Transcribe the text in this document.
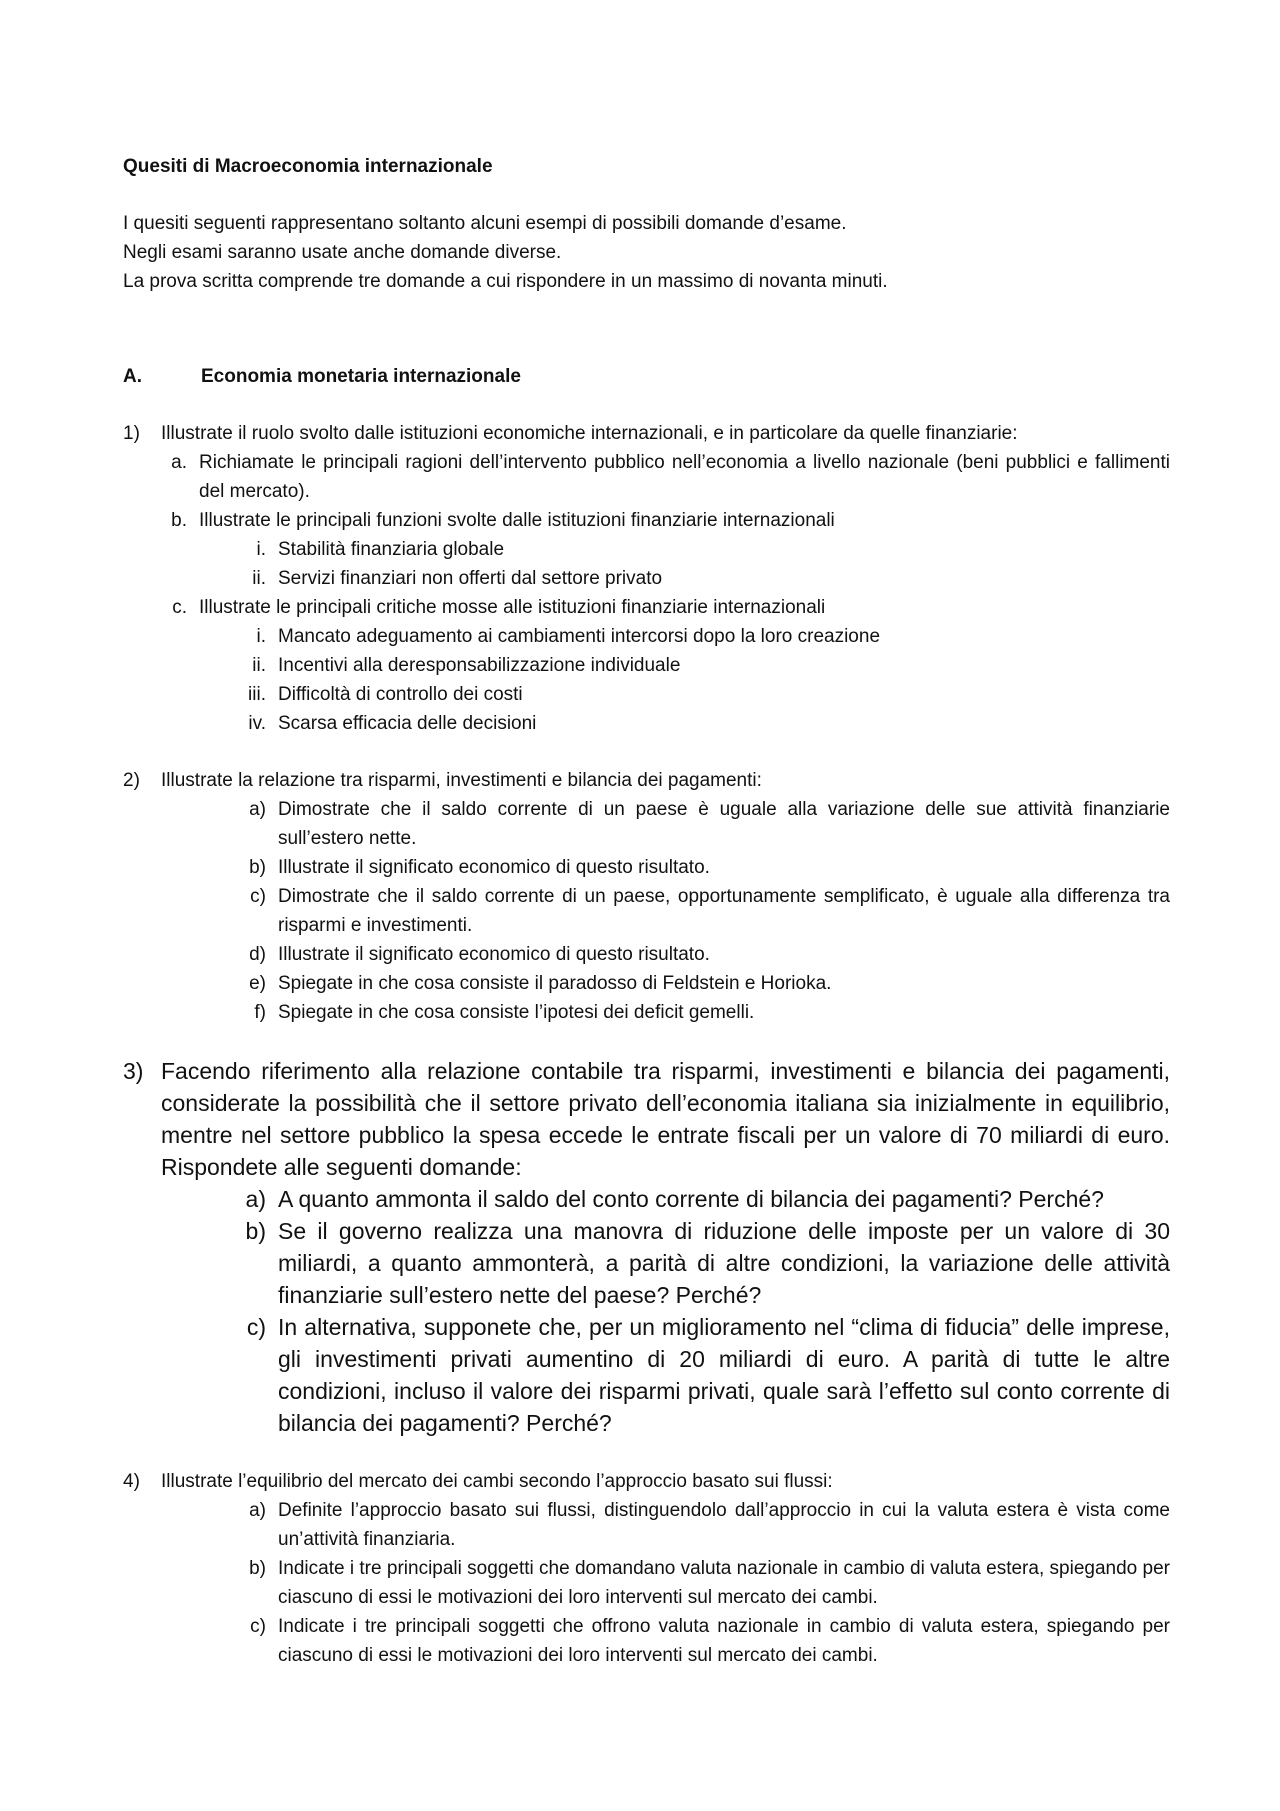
Quesiti di Macroeconomia internazionale
I quesiti seguenti rappresentano soltanto alcuni esempi di possibili domande d’esame.
Negli esami saranno usate anche domande diverse.
La prova scritta comprende tre domande a cui rispondere in un massimo di novanta minuti.
A.	Economia monetaria internazionale
1)	Illustrate il ruolo svolto dalle istituzioni economiche internazionali, e in particolare da quelle finanziarie:
a. Richiamate le principali ragioni dell’intervento pubblico nell’economia a livello nazionale (beni pubblici e fallimenti del mercato).
b. Illustrate le principali funzioni svolte dalle istituzioni finanziarie internazionali
i. Stabilità finanziaria globale
ii. Servizi finanziari non offerti dal settore privato
c. Illustrate le principali critiche mosse alle istituzioni finanziarie internazionali
i. Mancato adeguamento ai cambiamenti intercorsi dopo la loro creazione
ii. Incentivi alla deresponsabilizzazione individuale
iii. Difficoltà di controllo dei costi
iv. Scarsa efficacia delle decisioni
2)	Illustrate la relazione tra risparmi, investimenti e bilancia dei pagamenti:
a) Dimostrate che il saldo corrente di un paese è uguale alla variazione delle sue attività finanziarie sull’estero nette.
b) Illustrate il significato economico di questo risultato.
c) Dimostrate che il saldo corrente di un paese, opportunamente semplificato, è uguale alla differenza tra risparmi e investimenti.
d) Illustrate il significato economico di questo risultato.
e) Spiegate in che cosa consiste il paradosso di Feldstein e Horioka.
f) Spiegate in che cosa consiste l’ipotesi dei deficit gemelli.
3) Facendo riferimento alla relazione contabile tra risparmi, investimenti e bilancia dei pagamenti, considerate la possibilità che il settore privato dell’economia italiana sia inizialmente in equilibrio, mentre nel settore pubblico la spesa eccede le entrate fiscali per un valore di 70 miliardi di euro. Rispondete alle seguenti domande:
a) A quanto ammonta il saldo del conto corrente di bilancia dei pagamenti? Perché?
b) Se il governo realizza una manovra di riduzione delle imposte per un valore di 30 miliardi, a quanto ammonterà, a parità di altre condizioni, la variazione delle attività finanziarie sull’estero nette del paese? Perché?
c) In alternativa, supponete che, per un miglioramento nel “clima di fiducia” delle imprese, gli investimenti privati aumentino di 20 miliardi di euro. A parità di tutte le altre condizioni, incluso il valore dei risparmi privati, quale sarà l’effetto sul conto corrente di bilancia dei pagamenti? Perché?
4)	Illustrate l’equilibrio del mercato dei cambi secondo l’approccio basato sui flussi:
a) Definite l’approccio basato sui flussi, distinguendolo dall’approccio in cui la valuta estera è vista come un’attività finanziaria.
b) Indicate i tre principali soggetti che domandano valuta nazionale in cambio di valuta estera, spiegando per ciascuno di essi le motivazioni dei loro interventi sul mercato dei cambi.
c) Indicate i tre principali soggetti che offrono valuta nazionale in cambio di valuta estera, spiegando per ciascuno di essi le motivazioni dei loro interventi sul mercato dei cambi.
